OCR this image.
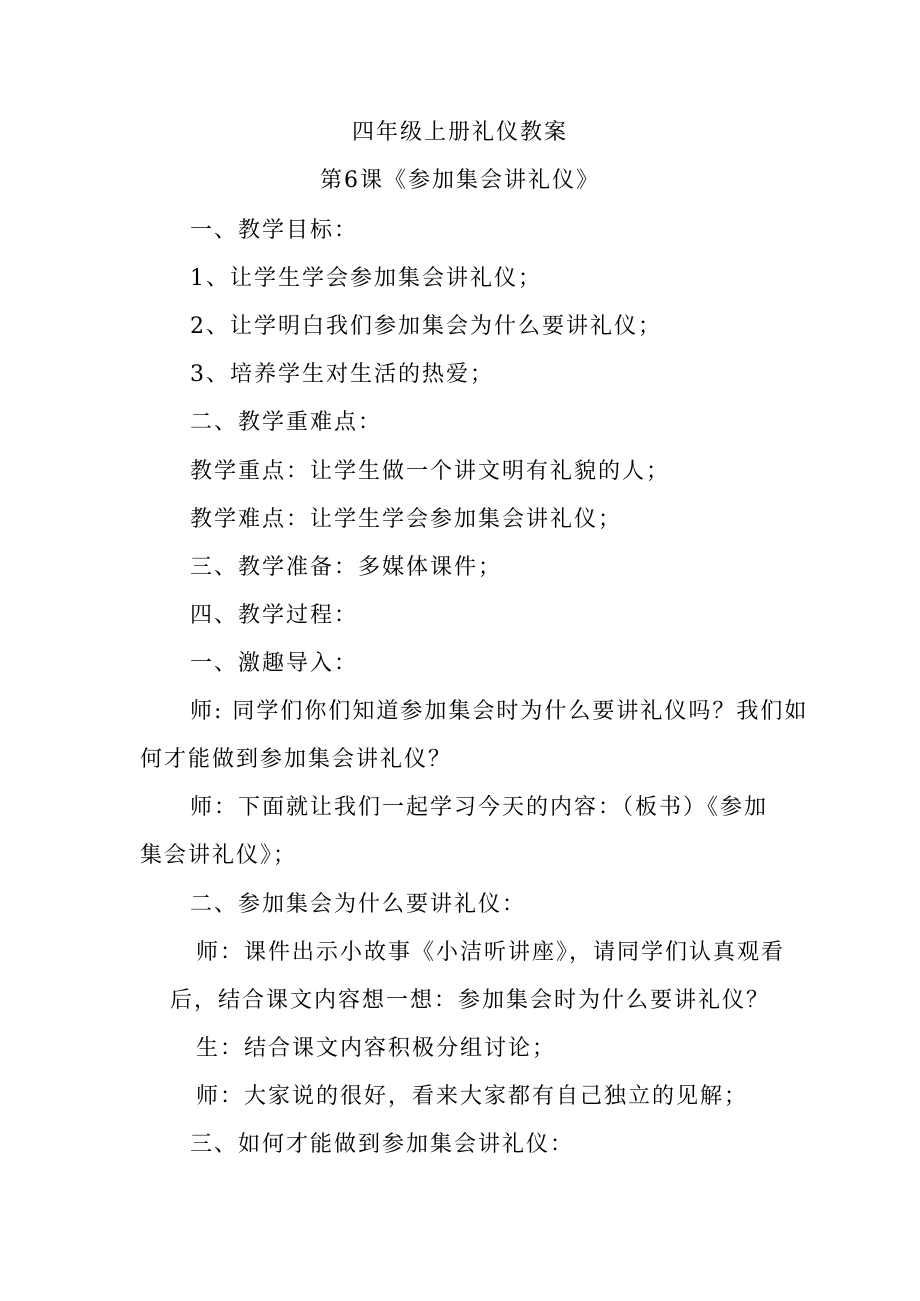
四年级上册礼仪教案
第6课《参加集会讲礼仪》
一、教学目标：
1、让学生学会参加集会讲礼仪；
2、让学明白我们参加集会为什么要讲礼仪；
3、培养学生对生活的热爱；
二、教学重难点：
教学重点：让学生做一个讲文明有礼貌的人；
教学难点：让学生学会参加集会讲礼仪；
三、教学准备：多媒体课件；
四、教学过程：
一、激趣导入：
师: 同学们你们知道参加集会时为什么要讲礼仪吗？我们如
何才能做到参加集会讲礼仪？
师：下面就让我们一起学习今天的内容：（板书）《参加
集会讲礼仪》；
二、参加集会为什么要讲礼仪：
师：课件出示小故事《小洁听讲座》，请同学们认真观看
后，结合课文内容想一想：参加集会时为什么要讲礼仪？
生：结合课文内容积极分组讨论；
师：大家说的很好，看来大家都有自己独立的见解；
三、如何才能做到参加集会讲礼仪：
